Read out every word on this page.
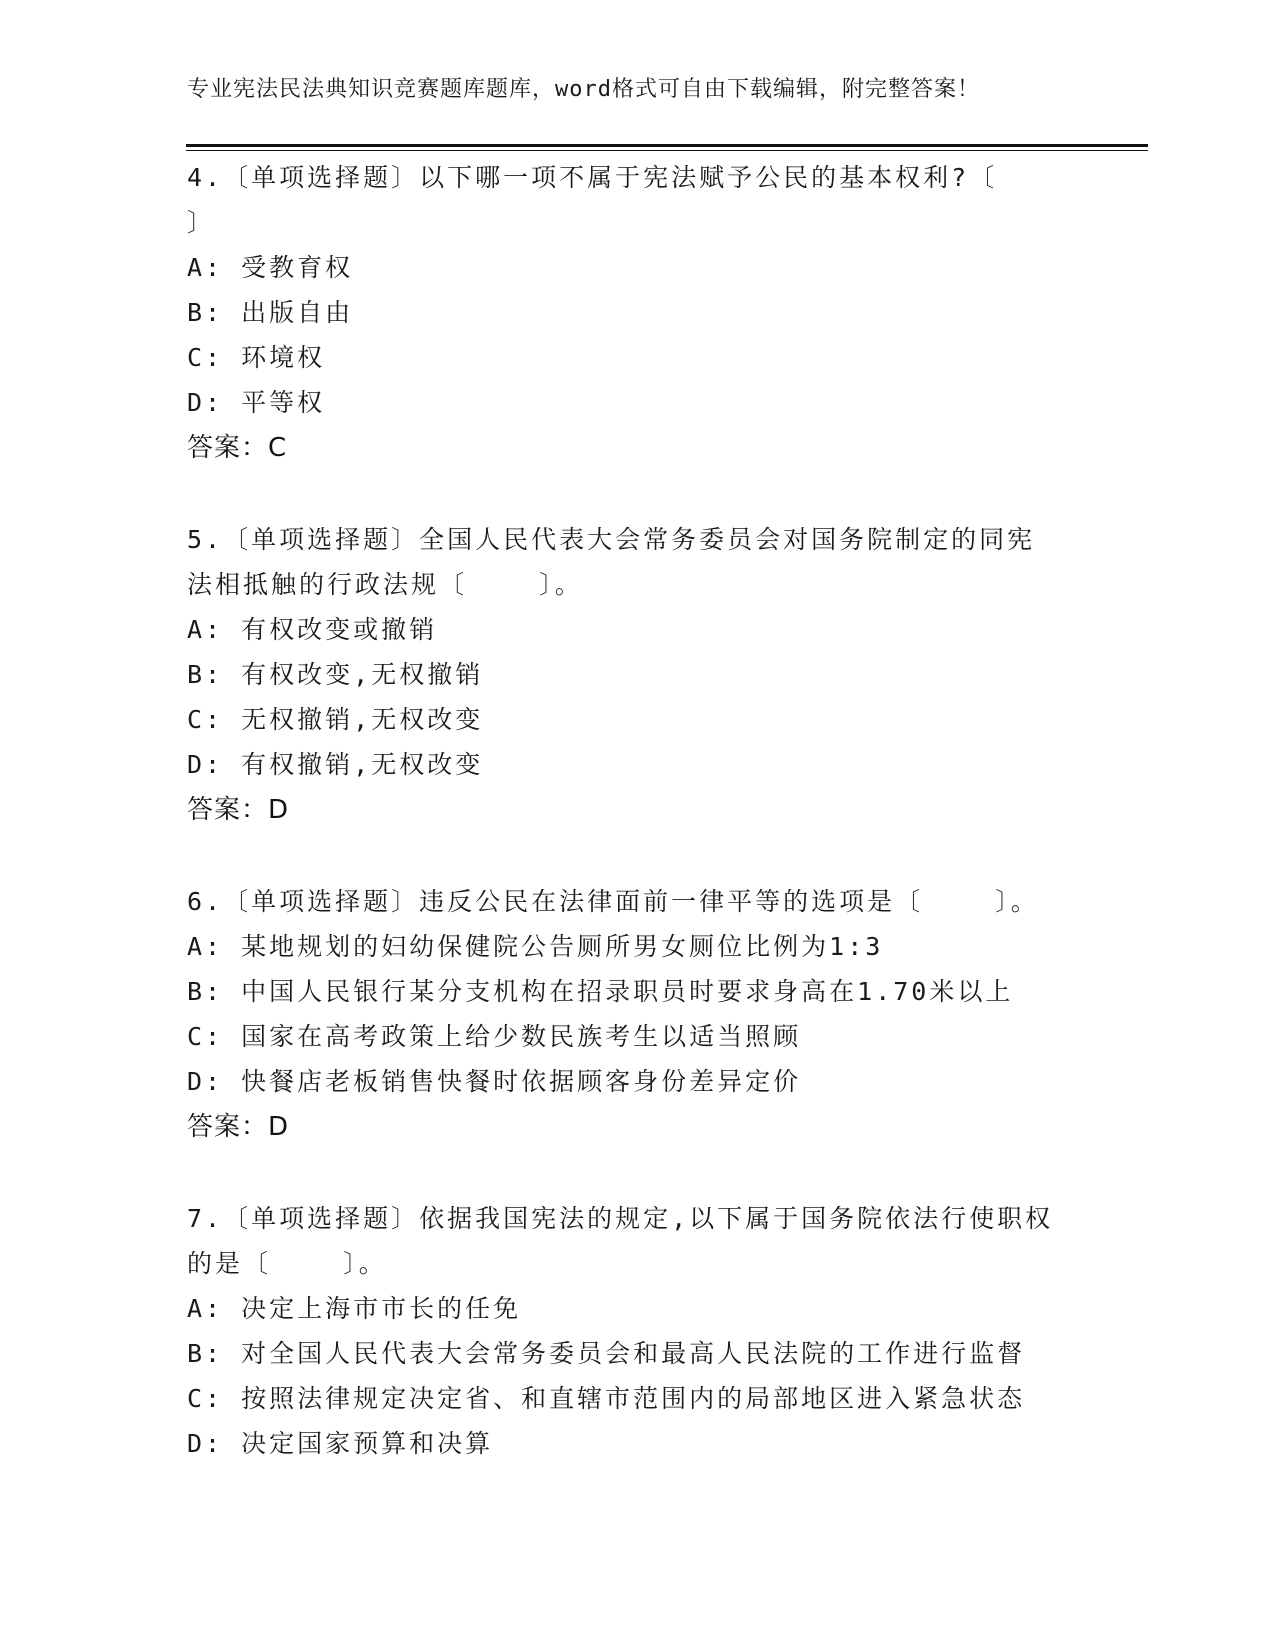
专业宪法民法典知识竞赛题库题库，word格式可自由下载编辑，附完整答案！

4.〔单项选择题〕以下哪一项不属于宪法赋予公民的基本权利?〔

〕

A: 受教育权

B: 出版自由

C: 环境权

D: 平等权

答案：C

5.〔单项选择题〕全国人民代表大会常务委员会对国务院制定的同宪

法相抵触的行政法规〔    〕。

A: 有权改变或撤销

B: 有权改变,无权撤销

C: 无权撤销,无权改变

D: 有权撤销,无权改变

答案：D

6.〔单项选择题〕违反公民在法律面前一律平等的选项是〔    〕。

A: 某地规划的妇幼保健院公告厕所男女厕位比例为1:3

B: 中国人民银行某分支机构在招录职员时要求身高在1.70米以上

C: 国家在高考政策上给少数民族考生以适当照顾

D: 快餐店老板销售快餐时依据顾客身份差异定价

答案：D

7.〔单项选择题〕依据我国宪法的规定,以下属于国务院依法行使职权

的是〔    〕。

A: 决定上海市市长的任免

B: 对全国人民代表大会常务委员会和最高人民法院的工作进行监督

C: 按照法律规定决定省、和直辖市范围内的局部地区进入紧急状态

D: 决定国家预算和决算
